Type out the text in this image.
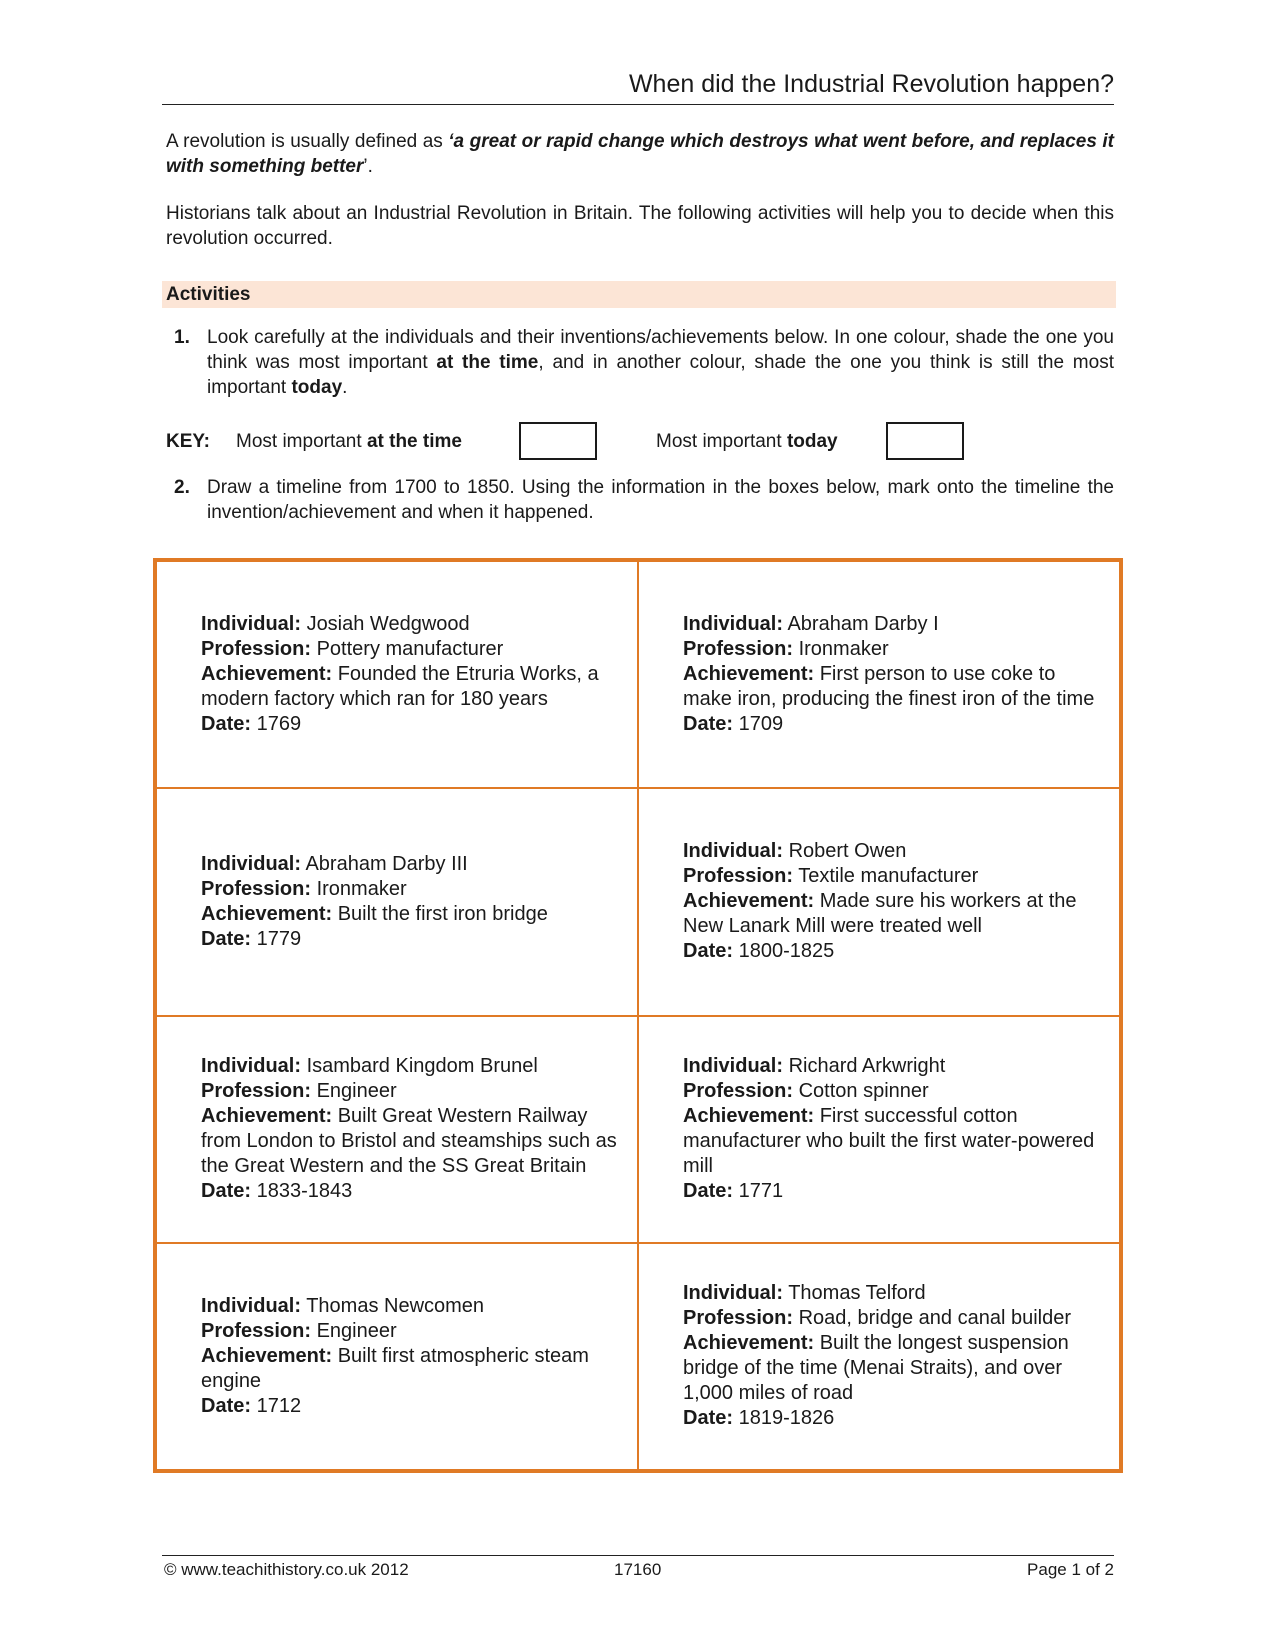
When did the Industrial Revolution happen?

A revolution is usually defined as ‘a great or rapid change which destroys what went before, and replaces it with something better’.

Historians talk about an Industrial Revolution in Britain. The following activities will help you to decide when this revolution occurred.

Activities
1. Look carefully at the individuals and their inventions/achievements below. In one colour, shade the one you think was most important at the time, and in another colour, shade the one you think is still the most important today.
KEY: Most important at the time	Most important today
2. Draw a timeline from 1700 to 1850. Using the information in the boxes below, mark onto the timeline the invention/achievement and when it happened.
Individual: Josiah Wedgwood
Profession: Pottery manufacturer
Achievement: Founded the Etruria Works, a modern factory which ran for 180 years
Date: 1769
Individual: Abraham Darby I
Profession: Ironmaker
Achievement: First person to use coke to make iron, producing the finest iron of the time
Date: 1709
Individual: Abraham Darby III
Profession: Ironmaker
Achievement: Built the first iron bridge
Date: 1779
Individual: Robert Owen
Profession: Textile manufacturer
Achievement: Made sure his workers at the New Lanark Mill were treated well
Date: 1800-1825
Individual: Isambard Kingdom Brunel
Profession: Engineer
Achievement: Built Great Western Railway from London to Bristol and steamships such as the Great Western and the SS Great Britain
Date: 1833-1843
Individual: Richard Arkwright
Profession: Cotton spinner
Achievement: First successful cotton manufacturer who built the first water-powered mill
Date: 1771
Individual: Thomas Newcomen
Profession: Engineer
Achievement: Built first atmospheric steam engine
Date: 1712
Individual: Thomas Telford
Profession: Road, bridge and canal builder
Achievement: Built the longest suspension bridge of the time (Menai Straits), and over 1,000 miles of road
Date: 1819-1826
© www.teachithistory.co.uk 2012	17160	Page 1 of 2
